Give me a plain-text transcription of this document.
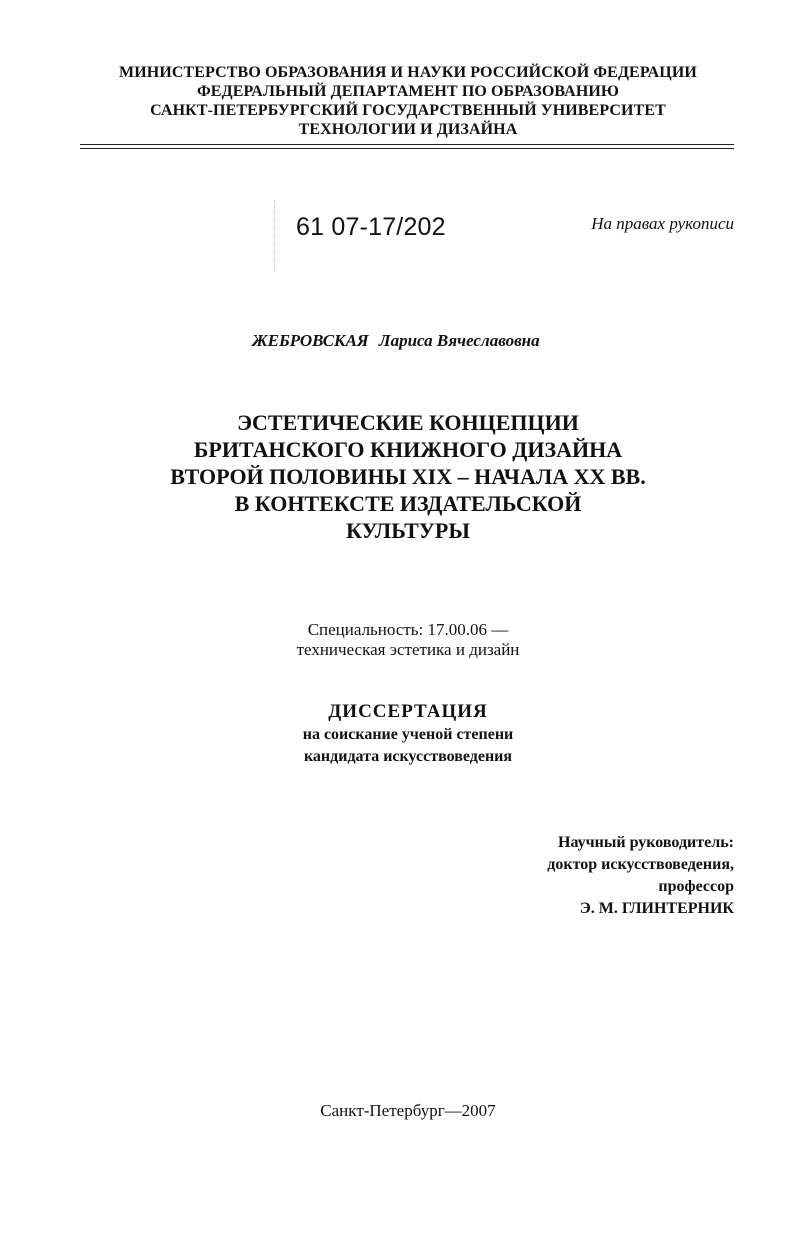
МИНИСТЕРСТВО ОБРАЗОВАНИЯ И НАУКИ РОССИЙСКОЙ ФЕДЕРАЦИИ
ФЕДЕРАЛЬНЫЙ ДЕПАРТАМЕНТ ПО ОБРАЗОВАНИЮ
САНКТ-ПЕТЕРБУРГСКИЙ ГОСУДАРСТВЕННЫЙ УНИВЕРСИТЕТ
ТЕХНОЛОГИИ И ДИЗАЙНА
61 07-17/202	На правах рукописи
ЖЕБРОВСКАЯ Лариса Вячеславовна
ЭСТЕТИЧЕСКИЕ КОНЦЕПЦИИ
БРИТАНСКОГО КНИЖНОГО ДИЗАЙНА
ВТОРОЙ ПОЛОВИНЫ XIX – НАЧАЛА XX ВВ.
В КОНТЕКСТЕ ИЗДАТЕЛЬСКОЙ
КУЛЬТУРЫ
Специальность: 17.00.06 —
техническая эстетика и дизайн
ДИССЕРТАЦИЯ
на соискание ученой степени
кандидата искусствоведения
Научный руководитель:
доктор искусствоведения,
профессор
Э. М. ГЛИНТЕРНИК
Санкт-Петербург—2007
